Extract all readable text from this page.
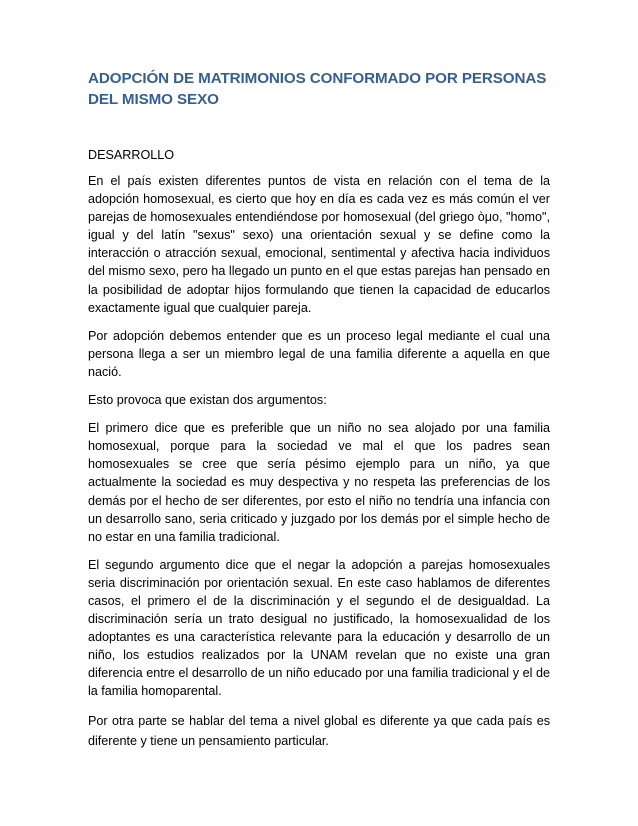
ADOPCIÓN DE MATRIMONIOS CONFORMADO POR PERSONAS DEL MISMO SEXO
DESARROLLO

En el país existen diferentes puntos de vista en relación con el tema de la adopción homosexual, es cierto que hoy en día es cada vez es más común el ver parejas de homosexuales entendiéndose por homosexual (del griego òμο, "homo", igual y del latín "sexus" sexo) una orientación sexual y se define como la interacción o atracción sexual, emocional, sentimental y afectiva hacia individuos del mismo sexo, pero ha llegado un punto en el que estas parejas han pensado en la posibilidad de adoptar hijos formulando que tienen la capacidad de educarlos exactamente igual que cualquier pareja.

Por adopción debemos entender que es un proceso legal mediante el cual una persona llega a ser un miembro legal de una familia diferente a aquella en que nació.

Esto provoca que existan dos argumentos:

El primero dice que es preferible que un niño no sea alojado por una familia homosexual, porque para la sociedad ve mal el que los padres sean homosexuales se cree que sería pésimo ejemplo para un niño, ya que actualmente la sociedad es muy despectiva y no respeta las preferencias de los demás por el hecho de ser diferentes, por esto el niño no tendría una infancia con un desarrollo sano, seria criticado y juzgado por los demás por el simple hecho de no estar en una familia tradicional.

El segundo argumento dice que el negar la adopción a parejas homosexuales seria discriminación por orientación sexual. En este caso hablamos de diferentes casos, el primero el de la discriminación y el segundo el de desigualdad. La discriminación sería un trato desigual no justificado, la homosexualidad de los adoptantes es una característica relevante para la educación y desarrollo de un niño, los estudios realizados por la UNAM revelan que no existe una gran diferencia entre el desarrollo de un niño educado por una familia tradicional y el de la familia homoparental.

Por otra parte se hablar del tema a nivel global es diferente ya que cada país es diferente y tiene un pensamiento particular.
